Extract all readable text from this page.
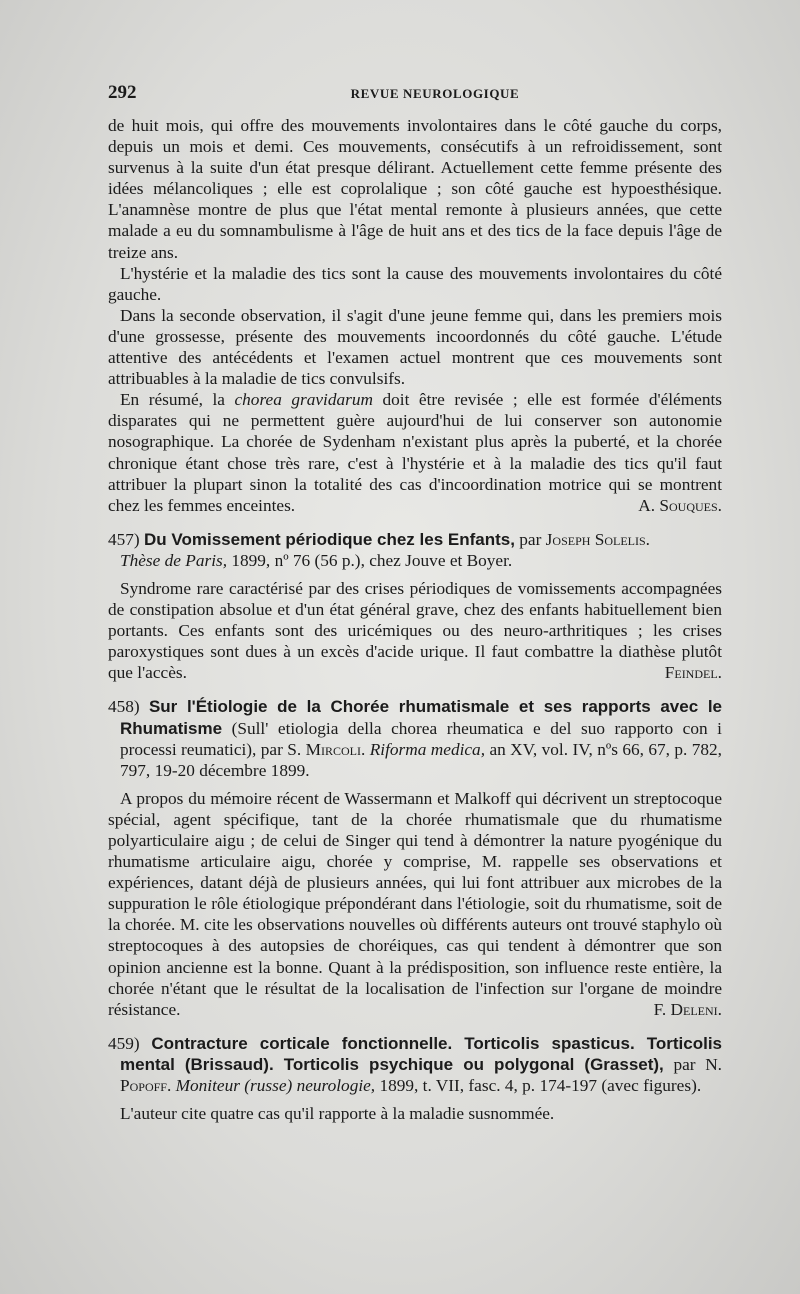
292	REVUE NEUROLOGIQUE

de huit mois, qui offre des mouvements involontaires dans le côté gauche du corps, depuis un mois et demi. Ces mouvements, consécutifs à un refroidissement, sont survenus à la suite d'un état presque délirant. Actuellement cette femme présente des idées mélancoliques ; elle est coprolalique ; son côté gauche est hypoesthésique. L'anamnèse montre de plus que l'état mental remonte à plusieurs années, que cette malade a eu du somnambulisme à l'âge de huit ans et des tics de la face depuis l'âge de treize ans.

L'hystérie et la maladie des tics sont la cause des mouvements involontaires du côté gauche.

Dans la seconde observation, il s'agit d'une jeune femme qui, dans les premiers mois d'une grossesse, présente des mouvements incoordonnés du côté gauche. L'étude attentive des antécédents et l'examen actuel montrent que ces mouvements sont attribuables à la maladie de tics convulsifs.

En résumé, la chorea gravidarum doit être revisée ; elle est formée d'éléments disparates qui ne permettent guère aujourd'hui de lui conserver son autonomie nosographique. La chorée de Sydenham n'existant plus après la puberté, et la chorée chronique étant chose très rare, c'est à l'hystérie et à la maladie des tics qu'il faut attribuer la plupart sinon la totalité des cas d'incoordination motrice qui se montrent chez les femmes enceintes.	A. Souques.

457) Du Vomissement périodique chez les Enfants, par Joseph Solelis.
Thèse de Paris, 1899, nº 76 (56 p.), chez Jouve et Boyer.

Syndrome rare caractérisé par des crises périodiques de vomissements accompagnées de constipation absolue et d'un état général grave, chez des enfants habituellement bien portants. Ces enfants sont des uricémiques ou des neuro-arthritiques ; les crises paroxystiques sont dues à un excès d'acide urique. Il faut combattre la diathèse plutôt que l'accès.	Feindel.

458) Sur l'Étiologie de la Chorée rhumatismale et ses rapports avec le Rhumatisme (Sull' etiologia della chorea rheumatica e del suo rapporto con i processi reumatici), par S. Mircoli. Riforma medica, an XV, vol. IV, nºs 66, 67, p. 782, 797, 19-20 décembre 1899.

A propos du mémoire récent de Wassermann et Malkoff qui décrivent un streptocoque spécial, agent spécifique, tant de la chorée rhumatismale que du rhumatisme polyarticulaire aigu ; de celui de Singer qui tend à démontrer la nature pyogénique du rhumatisme articulaire aigu, chorée y comprise, M. rappelle ses observations et expériences, datant déjà de plusieurs années, qui lui font attribuer aux microbes de la suppuration le rôle étiologique prépondérant dans l'étiologie, soit du rhumatisme, soit de la chorée. M. cite les observations nouvelles où différents auteurs ont trouvé staphylo où streptocoques à des autopsies de choréiques, cas qui tendent à démontrer que son opinion ancienne est la bonne. Quant à la prédisposition, son influence reste entière, la chorée n'étant que le résultat de la localisation de l'infection sur l'organe de moindre résistance.	F. Deleni.

459) Contracture corticale fonctionnelle. Torticolis spasticus. Torticolis mental (Brissaud). Torticolis psychique ou polygonal (Grasset), par N. Popoff. Moniteur (russe) neurologie, 1899, t. VII, fasc. 4, p. 174-197 (avec figures).

L'auteur cite quatre cas qu'il rapporte à la maladie susnommée.
